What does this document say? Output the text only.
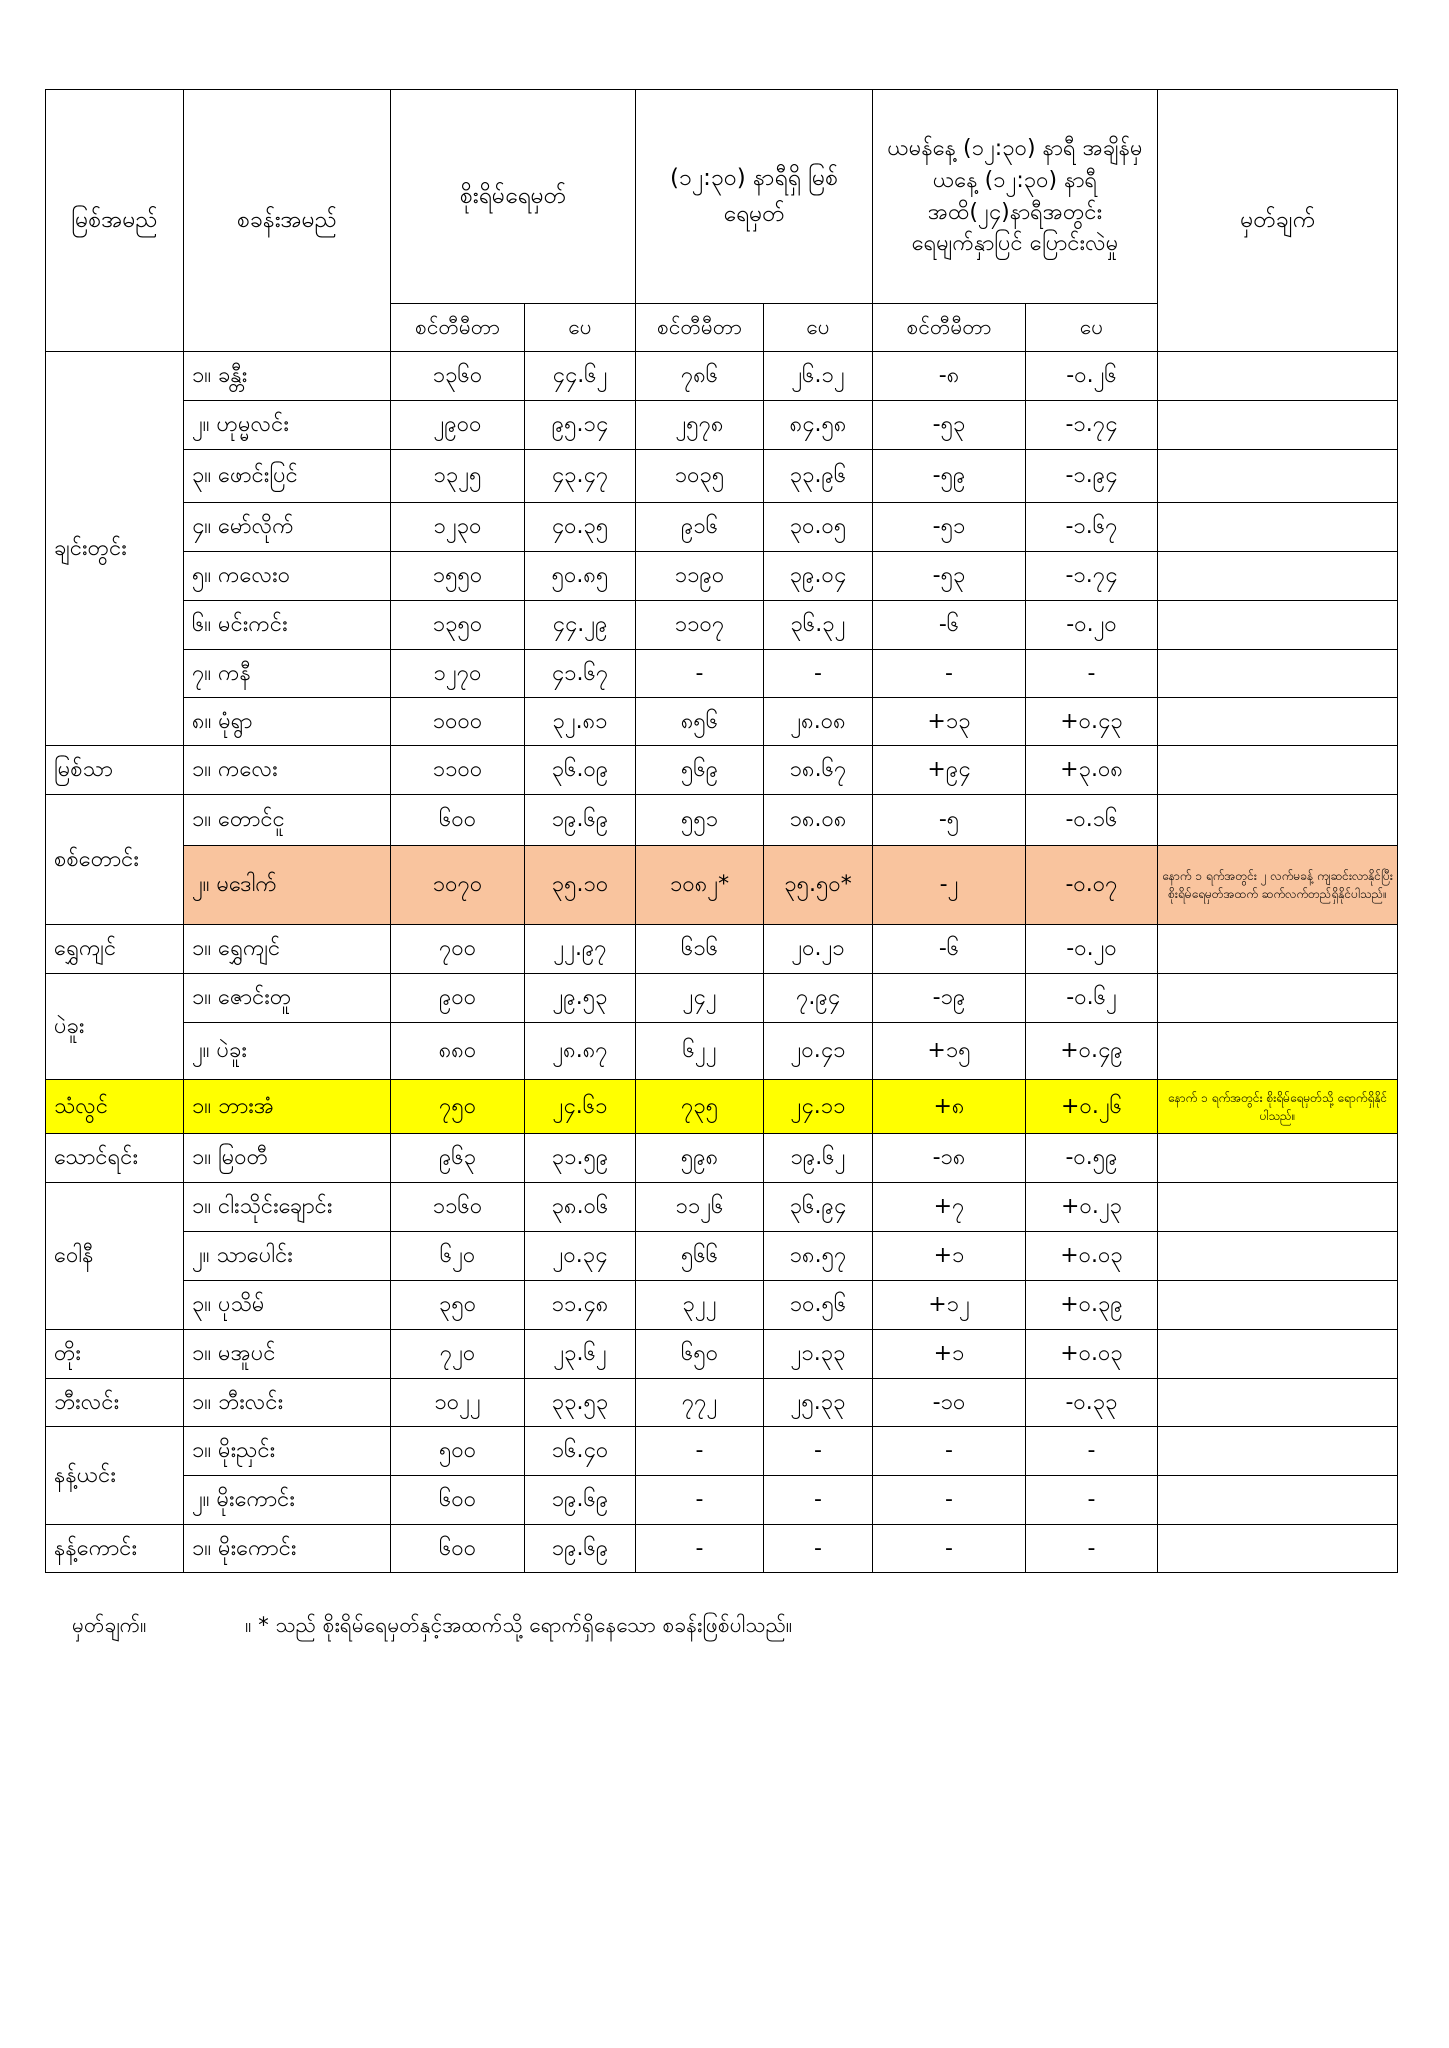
မြစ်အမည်	စခန်းအမည်	စိုးရိမ်ရေမှတ်		(၁၂:၃၀) နာရီရှိ မြစ်ရေမှတ်		ယမန်နေ့ (၁၂:၃၀) နာရီ အချိန်မှ ယနေ့ (၁၂:၃၀) နာရီအထိ(၂၄)နာရီအတွင်း ရေမျက်နှာပြင် ပြောင်းလဲမှု		မှတ်ချက်
		စင်တီမီတာ	ပေ	စင်တီမီတာ	ပေ	စင်တီမီတာ	ပေ	
ချင်းတွင်း	၁။ ခန္တီး	၁၃၆၀	၄၄.၆၂	၇၈၆	၂၆.၁၂	-၈	-၀.၂၆	
	၂။ ဟုမ္မလင်း	၂၉၀၀	၉၅.၁၄	၂၅၇၈	၈၄.၅၈	-၅၃	-၁.၇၄	
	၃။ ဖောင်းပြင်	၁၃၂၅	၄၃.၄၇	၁၀၃၅	၃၃.၉၆	-၅၉	-၁.၉၄	
	၄။ မော်လိုက်	၁၂၃၀	၄၀.၃၅	၉၁၆	၃၀.၀၅	-၅၁	-၁.၆၇	
	၅။ ကလေးဝ	၁၅၅၀	၅၀.၈၅	၁၁၉၀	၃၉.၀၄	-၅၃	-၁.၇၄	
	၆။ မင်းကင်း	၁၃၅၀	၄၄.၂၉	၁၁၀၇	၃၆.၃၂	-၆	-၀.၂၀	
	၇။ ကနီ	၁၂၇၀	၄၁.၆၇	-	-	-	-	
	၈။ မုံရွာ	၁၀၀၀	၃၂.၈၁	၈၅၆	၂၈.၀၈	+၁၃	+၀.၄၃	
မြစ်သာ	၁။ ကလေး	၁၁၀၀	၃၆.၀၉	၅၆၉	၁၈.၆၇	+၉၄	+၃.၀၈	
စစ်တောင်း	၁။ တောင်ငူ	၆၀၀	၁၉.၆၉	၅၅၁	၁၈.၀၈	-၅	-၀.၁၆	
	၂။ မဒေါက်	၁၀၇၀	၃၅.၁၀	၁၀၈၂*	၃၅.၅၀*	-၂	-၀.၀၇	နောက် ၁ ရက်အတွင်း ၂ လက်မခန့် ကျဆင်းလာနိုင်ပြီး စိုးရိမ်ရေမှတ်အထက် ဆက်လက်တည်ရှိနိုင်ပါသည်။
ရွှေကျင်	၁။ ရွှေကျင်	၇၀၀	၂၂.၉၇	၆၁၆	၂၀.၂၁	-၆	-၀.၂၀	
ပဲခူး	၁။ ဇောင်းတူ	၉၀၀	၂၉.၅၃	၂၄၂	၇.၉၄	-၁၉	-၀.၆၂	
	၂။ ပဲခူး	၈၈၀	၂၈.၈၇	၆၂၂	၂၀.၄၁	+၁၅	+၀.၄၉	
သံလွင်	၁။ ဘားအံ	၇၅၀	၂၄.၆၁	၇၃၅	၂၄.၁၁	+၈	+၀.၂၆	နောက် ၁ ရက်အတွင်း စိုးရိမ်ရေမှတ်သို့ ရောက်ရှိနိုင်ပါသည်။
သောင်ရင်း	၁။ မြဝတီ	၉၆၃	၃၁.၅၉	၅၉၈	၁၉.၆၂	-၁၈	-၀.၅၉	
ဝေါနီ	၁။ ငါးသိုင်းချောင်း	၁၁၆၀	၃၈.၀၆	၁၁၂၆	၃၆.၉၄	+၇	+၀.၂၃	
	၂။ သာပေါင်း	၆၂၀	၂၀.၃၄	၅၆၆	၁၈.၅၇	+၁	+၀.၀၃	
	၃။ ပုသိမ်	၃၅၀	၁၁.၄၈	၃၂၂	၁၀.၅၆	+၁၂	+၀.၃၉	
တိုး	၁။ မအူပင်	၇၂၀	၂၃.၆၂	၆၅၀	၂၁.၃၃	+၁	+၀.၀၃	
ဘီးလင်း	၁။ ဘီးလင်း	၁၀၂၂	၃၃.၅၃	၇၇၂	၂၅.၃၃	-၁၀	-၀.၃၃	
နန့်ယင်း	၁။ မိုးညှင်း	၅၀၀	၁၆.၄၀	-	-	-	-	
	၂။ မိုးကောင်း	၆၀၀	၁၉.၆၉	-	-	-	-	
နန့်ကောင်း	၁။ မိုးကောင်း	၆၀၀	၁၉.၆၉	-	-	-	-	
မှတ်ချက်။	။ * သည် စိုးရိမ်ရေမှတ်နှင့်အထက်သို့ ရောက်ရှိနေသော စခန်းဖြစ်ပါသည်။
